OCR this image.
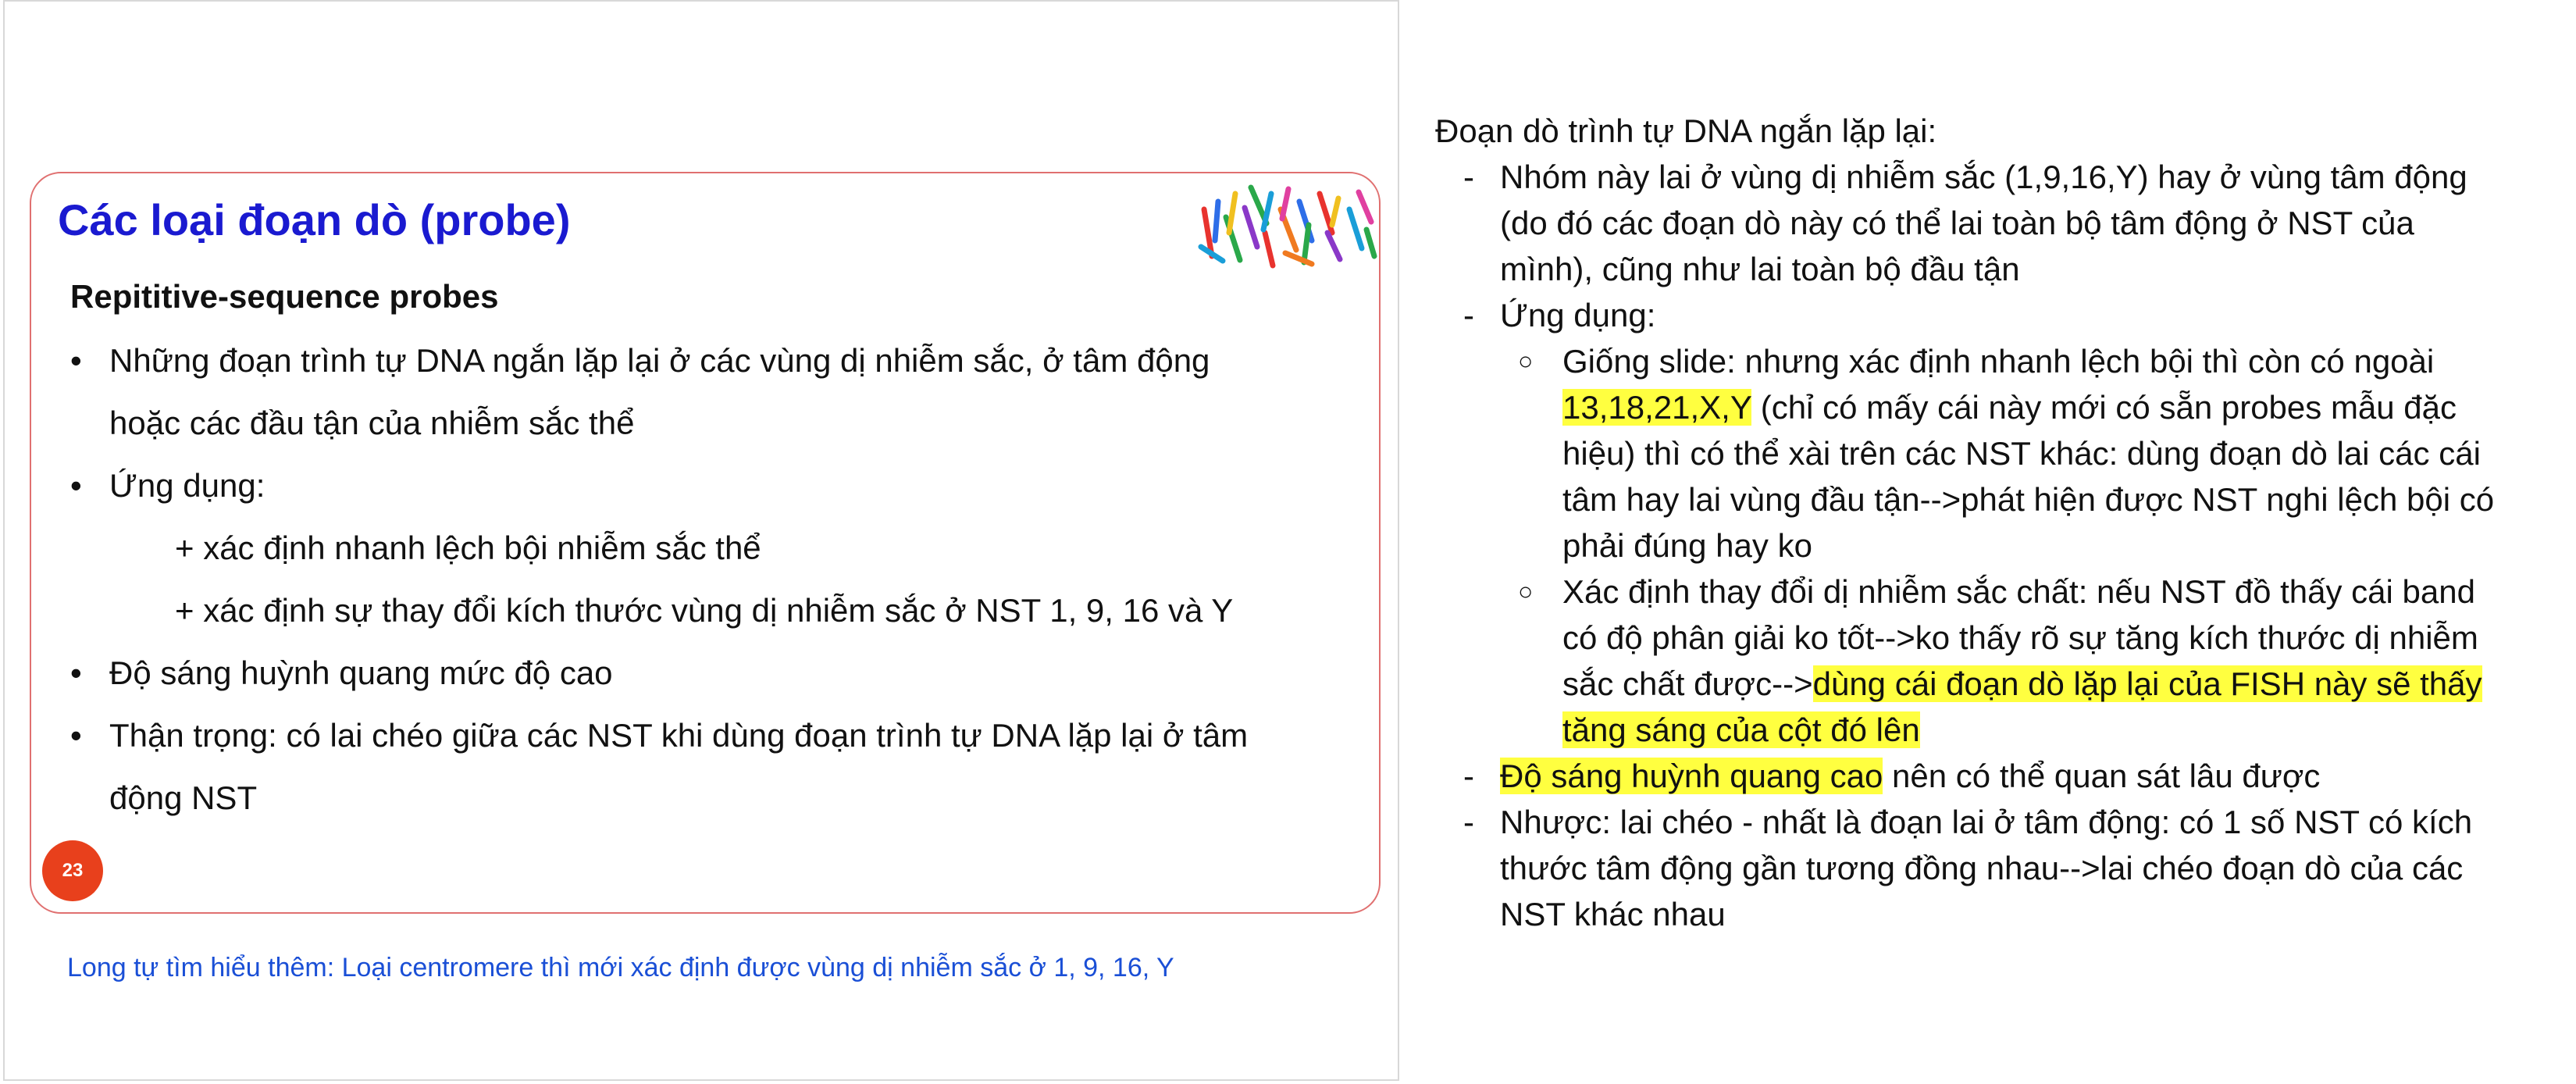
Các loại đoạn dò (probe)

Repititive-sequence probes

• Những đoạn trình tự DNA ngắn lặp lại ở các vùng dị nhiễm sắc, ở tâm động
hoặc các đầu tận của nhiễm sắc thể
• Ứng dụng:
+ xác định nhanh lệch bội nhiễm sắc thể
+ xác định sự thay đổi kích thước vùng dị nhiễm sắc ở NST 1, 9, 16 và Y
• Độ sáng huỳnh quang mức độ cao
• Thận trọng: có lai chéo giữa các NST khi dùng đoạn trình tự DNA lặp lại ở tâm
động NST
23
Long tự tìm hiểu thêm: Loại centromere thì mới xác định được vùng dị nhiễm sắc ở 1, 9, 16, Y
Đoạn dò trình tự DNA ngắn lặp lại:
- Nhóm này lai ở vùng dị nhiễm sắc (1,9,16,Y) hay ở vùng tâm động
(do đó các đoạn dò này có thể lai toàn bộ tâm động ở NST của
mình), cũng như lai toàn bộ đầu tận
- Ứng dụng:
○ Giống slide: nhưng xác định nhanh lệch bội thì còn có ngoài
13,18,21,X,Y (chỉ có mấy cái này mới có sẵn probes mẫu đặc
hiệu) thì có thể xài trên các NST khác: dùng đoạn dò lai các cái
tâm hay lai vùng đầu tận-->phát hiện được NST nghi lệch bội có
phải đúng hay ko
○ Xác định thay đổi dị nhiễm sắc chất: nếu NST đồ thấy cái band
có độ phân giải ko tốt-->ko thấy rõ sự tăng kích thước dị nhiễm
sắc chất được-->dùng cái đoạn dò lặp lại của FISH này sẽ thấy
tăng sáng của cột đó lên
- Độ sáng huỳnh quang cao nên có thể quan sát lâu được
- Nhược: lai chéo - nhất là đoạn lai ở tâm động: có 1 số NST có kích
thước tâm động gần tương đồng nhau-->lai chéo đoạn dò của các
NST khác nhau
